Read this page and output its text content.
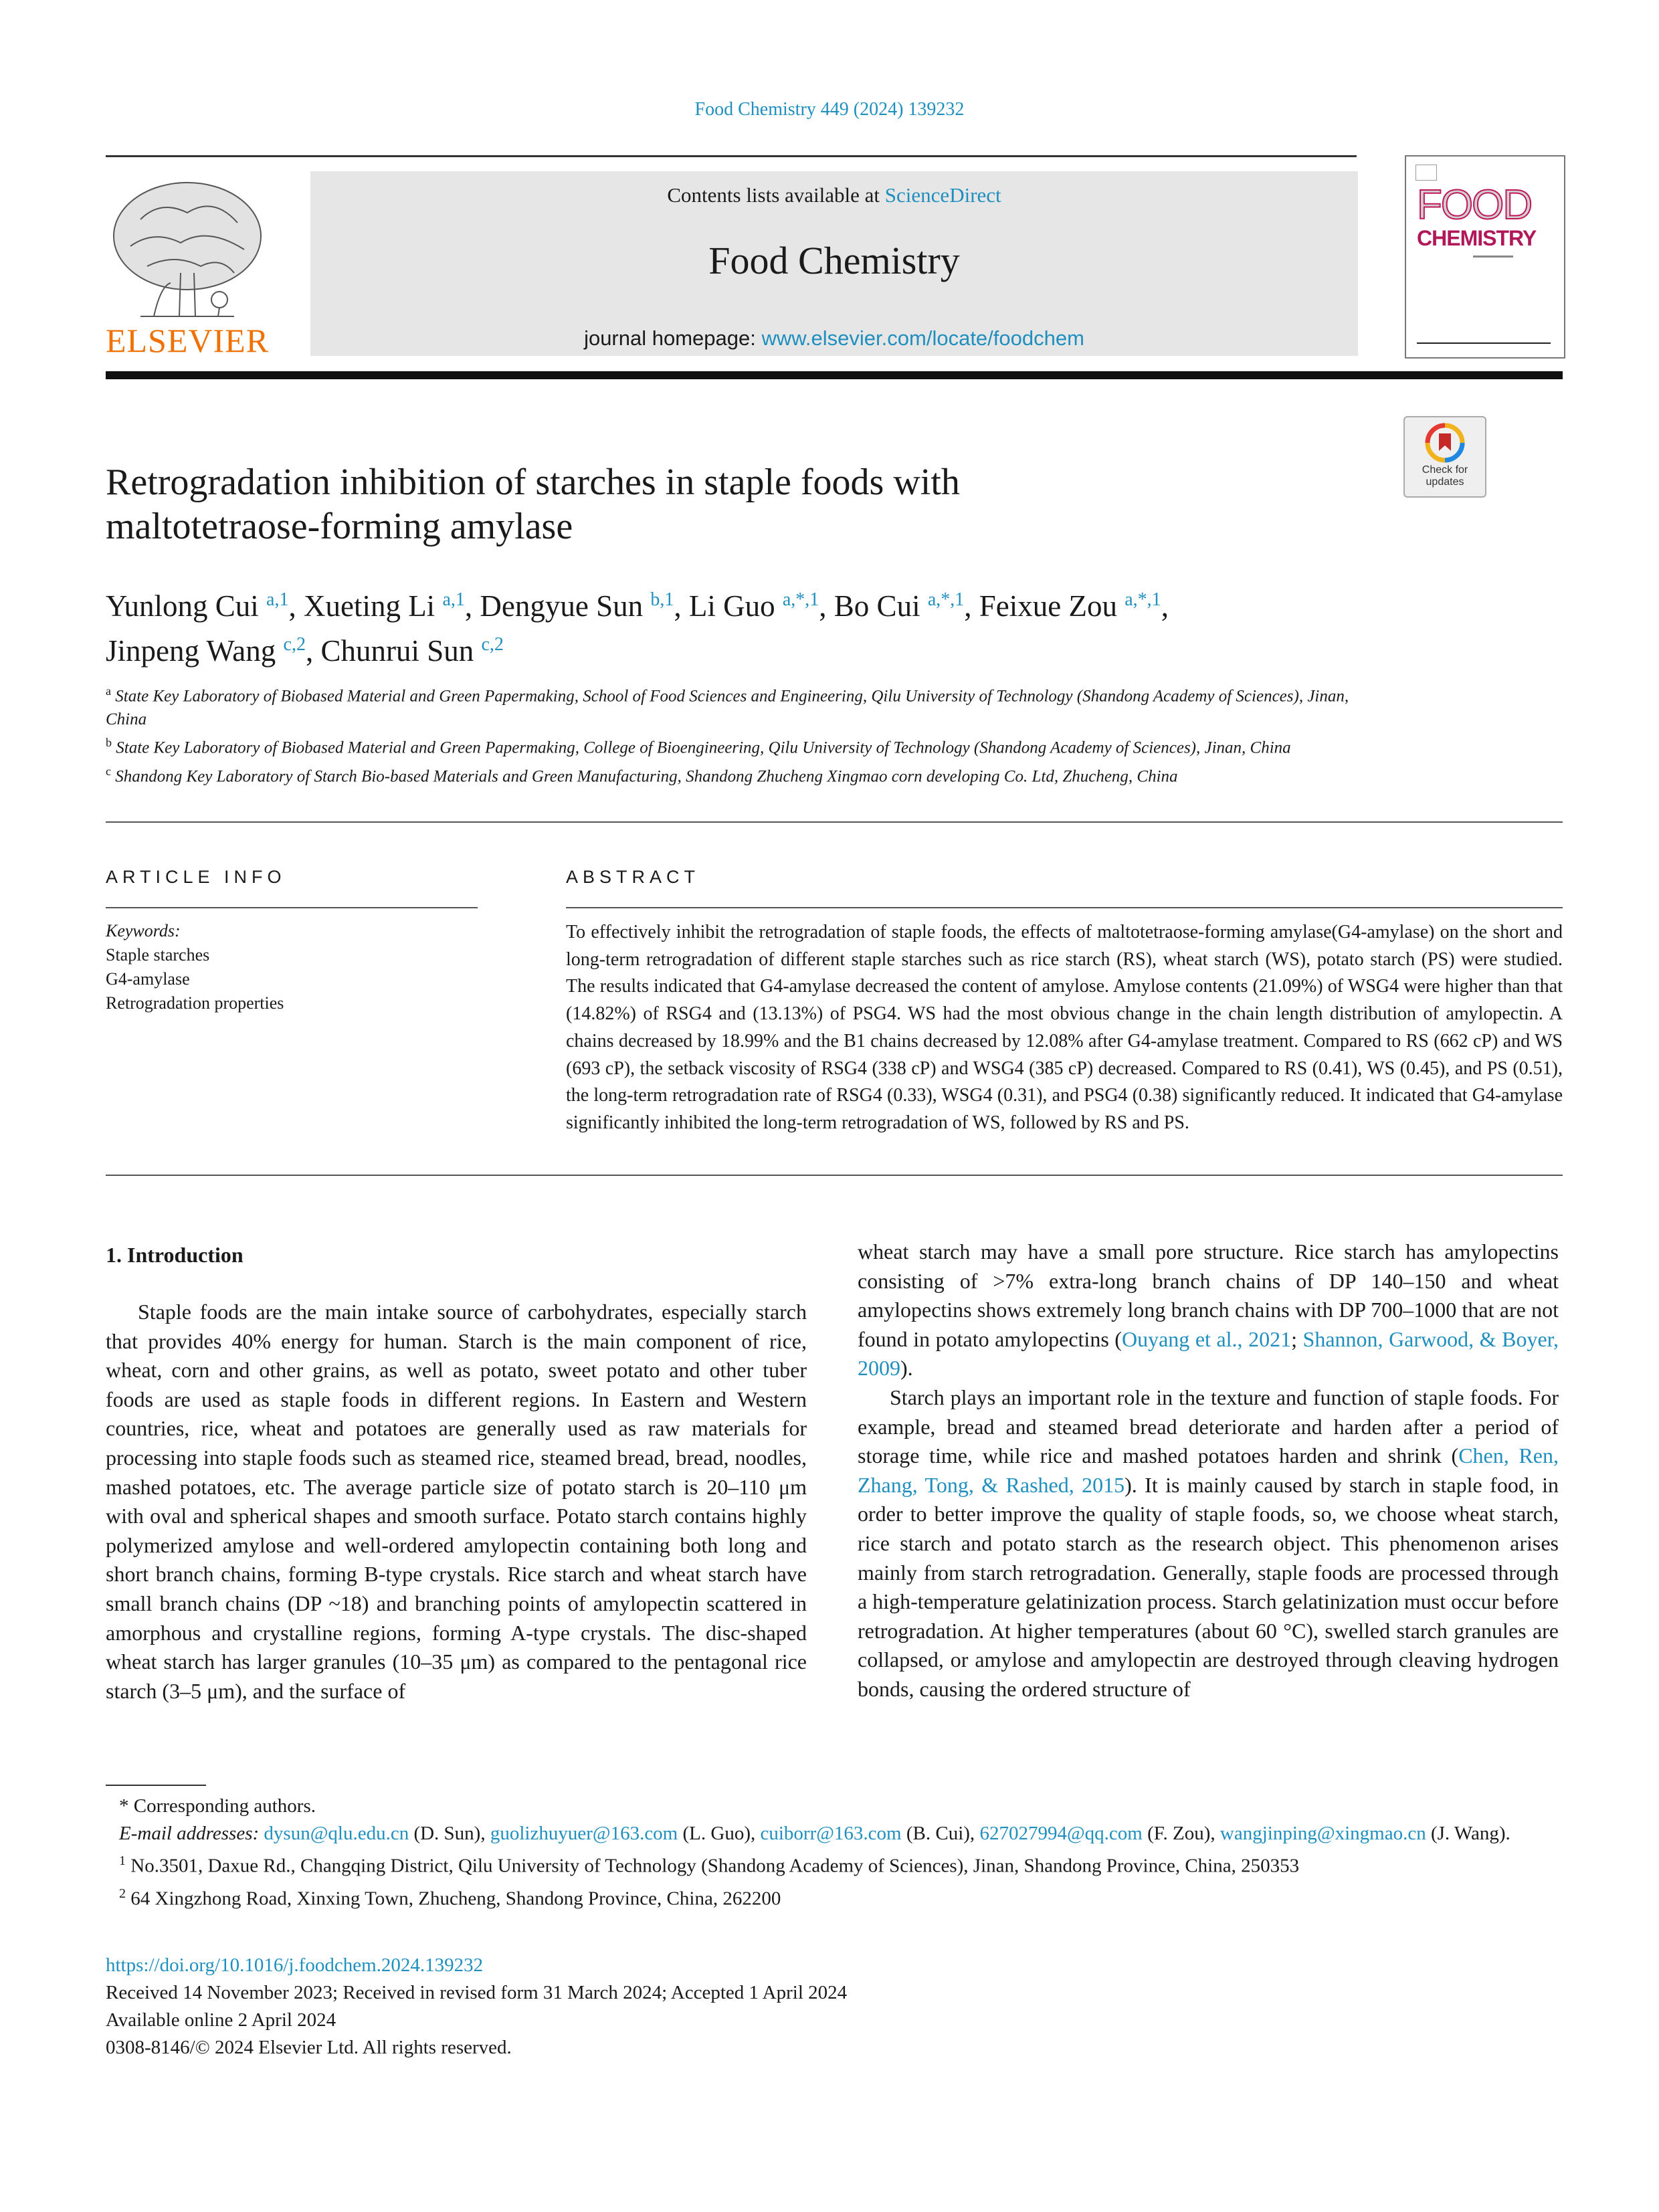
Food Chemistry 449 (2024) 139232
ELSEVIER
Contents lists available at ScienceDirect
Food Chemistry
journal homepage: www.elsevier.com/locate/foodchem
FOOD
CHEMISTRY
Check for
updates
Retrogradation inhibition of starches in staple foods with
maltotetraose-forming amylase
Yunlong Cui $^{a,1}$, Xueting Li $^{a,1}$, Dengyue Sun $^{b,1}$, Li Guo $^{a,*,1}$, Bo Cui $^{a,*,1}$, Feixue Zou $^{a,*,1}$,
Jinpeng Wang $^{c,2}$, Chunrui Sun $^{c,2}$
$^a$ State Key Laboratory of Biobased Material and Green Papermaking, School of Food Sciences and Engineering, Qilu University of Technology (Shandong Academy of Sciences), Jinan, China
$^b$ State Key Laboratory of Biobased Material and Green Papermaking, College of Bioengineering, Qilu University of Technology (Shandong Academy of Sciences), Jinan, China
$^c$ Shandong Key Laboratory of Starch Bio-based Materials and Green Manufacturing, Shandong Zhucheng Xingmao corn developing Co. Ltd, Zhucheng, China
ARTICLE INFO	ABSTRACT
Keywords:
Staple starches
G4-amylase
Retrogradation properties
To effectively inhibit the retrogradation of staple foods, the effects of maltotetraose-forming amylase(G4-amylase) on the short and long-term retrogradation of different staple starches such as rice starch (RS), wheat starch (WS), potato starch (PS) were studied. The results indicated that G4-amylase decreased the content of amylose. Amylose contents (21.09%) of WSG4 were higher than that (14.82%) of RSG4 and (13.13%) of PSG4. WS had the most obvious change in the chain length distribution of amylopectin. A chains decreased by 18.99% and the B1 chains decreased by 12.08% after G4-amylase treatment. Compared to RS (662 cP) and WS (693 cP), the setback viscosity of RSG4 (338 cP) and WSG4 (385 cP) decreased. Compared to RS (0.41), WS (0.45), and PS (0.51), the long-term retrogradation rate of RSG4 (0.33), WSG4 (0.31), and PSG4 (0.38) significantly reduced. It indicated that G4-amylase significantly inhibited the long-term retrogradation of WS, followed by RS and PS.
1. Introduction

Staple foods are the main intake source of carbohydrates, especially starch that provides 40% energy for human. Starch is the main component of rice, wheat, corn and other grains, as well as potato, sweet potato and other tuber foods are used as staple foods in different regions. In Eastern and Western countries, rice, wheat and potatoes are generally used as raw materials for processing into staple foods such as steamed rice, steamed bread, bread, noodles, mashed potatoes, etc. The average particle size of potato starch is 20–110 μm with oval and spherical shapes and smooth surface. Potato starch contains highly polymerized amylose and well-ordered amylopectin containing both long and short branch chains, forming B-type crystals. Rice starch and wheat starch have small branch chains (DP ~18) and branching points of amylopectin scattered in amorphous and crystalline regions, forming A-type crystals. The disc-shaped wheat starch has larger granules (10–35 μm) as compared to the pentagonal rice starch (3–5 μm), and the surface of

wheat starch may have a small pore structure. Rice starch has amylopectins consisting of >7% extra-long branch chains of DP 140–150 and wheat amylopectins shows extremely long branch chains with DP 700–1000 that are not found in potato amylopectins (Ouyang et al., 2021; Shannon, Garwood, & Boyer, 2009).

Starch plays an important role in the texture and function of staple foods. For example, bread and steamed bread deteriorate and harden after a period of storage time, while rice and mashed potatoes harden and shrink (Chen, Ren, Zhang, Tong, & Rashed, 2015). It is mainly caused by starch in staple food, in order to better improve the quality of staple foods, so, we choose wheat starch, rice starch and potato starch as the research object. This phenomenon arises mainly from starch retrogradation. Generally, staple foods are processed through a high-temperature gelatinization process. Starch gelatinization must occur before retrogradation. At higher temperatures (about 60 °C), swelled starch granules are collapsed, or amylose and amylopectin are destroyed through cleaving hydrogen bonds, causing the ordered structure of

* Corresponding authors.
E-mail addresses: dysun@qlu.edu.cn (D. Sun), guolizhuyuer@163.com (L. Guo), cuiborr@163.com (B. Cui), 627027994@qq.com (F. Zou), wangjinping@xingmao.cn (J. Wang).
$^1$ No.3501, Daxue Rd., Changqing District, Qilu University of Technology (Shandong Academy of Sciences), Jinan, Shandong Province, China, 250353
$^2$ 64 Xingzhong Road, Xinxing Town, Zhucheng, Shandong Province, China, 262200
https://doi.org/10.1016/j.foodchem.2024.139232
Received 14 November 2023; Received in revised form 31 March 2024; Accepted 1 April 2024
Available online 2 April 2024
0308-8146/© 2024 Elsevier Ltd. All rights reserved.
